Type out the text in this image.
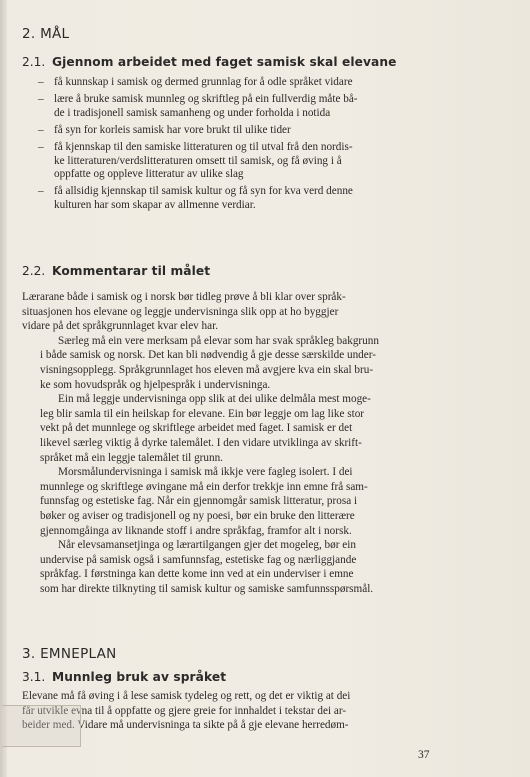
2. MÅL
2.1. Gjennom arbeidet med faget samisk skal elevane
– få kunnskap i samisk og dermed grunnlag for å odle språket vidare
– lære å bruke samisk munnleg og skriftleg på ein fullverdig måte bå-
de i tradisjonell samisk samanheng og under forholda i notida
– få syn for korleis samisk har vore brukt til ulike tider
– få kjennskap til den samiske litteraturen og til utval frå den nordis-
ke litteraturen/verdslitteraturen omsett til samisk, og få øving i å
oppfatte og oppleve litteratur av ulike slag
– få allsidig kjennskap til samisk kultur og få syn for kva verd denne
kulturen har som skapar av allmenne verdiar.
2.2. Kommentarar til målet

Lærarane både i samisk og i norsk bør tidleg prøve å bli klar over språk-
situasjonen hos elevane og leggje undervisninga slik opp at ho byggjer
vidare på det språkgrunnlaget kvar elev har.

Særleg må ein vere merksam på elevar som har svak språkleg bakgrunn
i både samisk og norsk. Det kan bli nødvendig å gje desse særskilde under-
visningsopplegg. Språkgrunnlaget hos eleven må avgjere kva ein skal bru-
ke som hovudspråk og hjelpespråk i undervisninga.

Ein må leggje undervisninga opp slik at dei ulike delmåla mest moge-
leg blir samla til ein heilskap for elevane. Ein bør leggje om lag like stor
vekt på det munnlege og skriftlege arbeidet med faget. I samisk er det
likevel særleg viktig å dyrke talemålet. I den vidare utviklinga av skrift-
språket må ein leggje talemålet til grunn.

Morsmålundervisninga i samisk må ikkje vere fagleg isolert. I dei
munnlege og skriftlege øvingane må ein derfor trekkje inn emne frå sam-
funnsfag og estetiske fag. Når ein gjennomgår samisk litteratur, prosa i
bøker og aviser og tradisjonell og ny poesi, bør ein bruke den litterære
gjennomgåinga av liknande stoff i andre språkfag, framfor alt i norsk.

Når elevsamansetjinga og lærartilgangen gjer det mogeleg, bør ein
undervise på samisk også i samfunnsfag, estetiske fag og nærliggjande
språkfag. I førstninga kan dette kome inn ved at ein underviser i emne
som har direkte tilknyting til samisk kultur og samiske samfunnsspørsmål.

3. EMNEPLAN
3.1. Munnleg bruk av språket

Elevane må få øving i å lese samisk tydeleg og rett, og det er viktig at dei
får utvikle evna til å oppfatte og gjere greie for innhaldet i tekstar dei ar-
beider med. Vidare må undervisninga ta sikte på å gje elevane herredøm-

37
